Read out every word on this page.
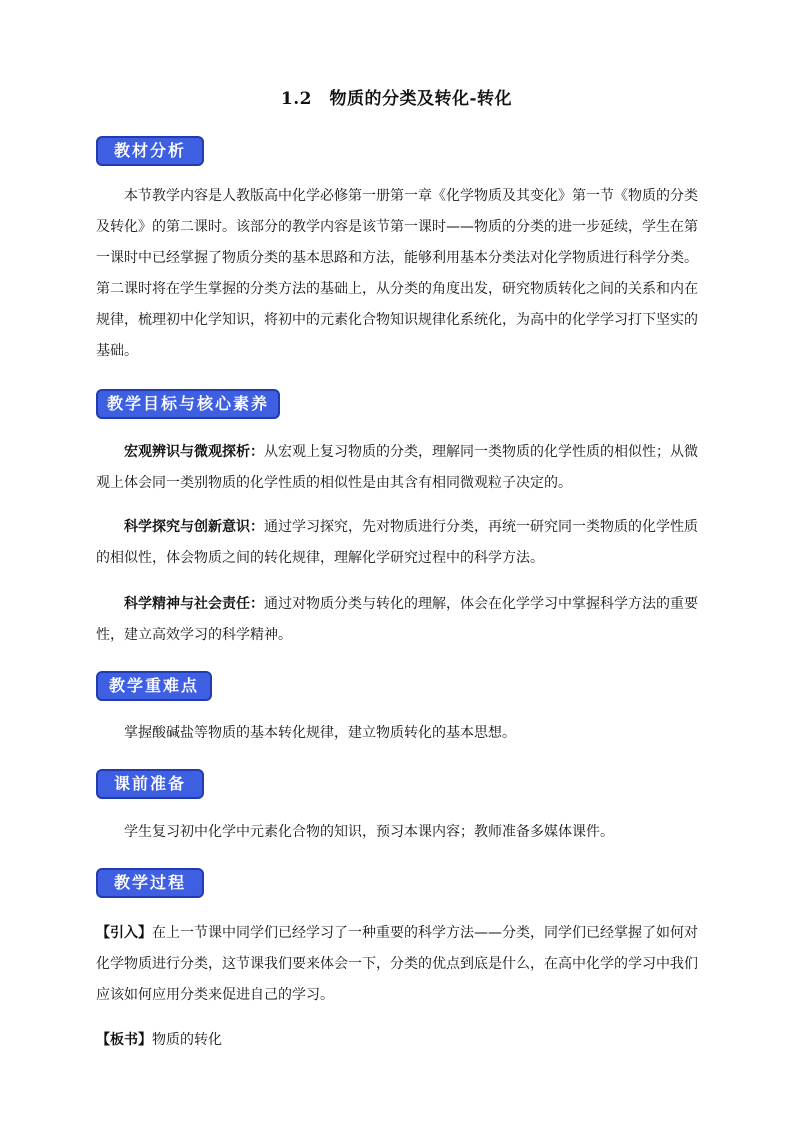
1.2　物质的分类及转化-转化
教材分析
本节教学内容是人教版高中化学必修第一册第一章《化学物质及其变化》第一节《物质的分类及转化》的第二课时。该部分的教学内容是该节第一课时——物质的分类的进一步延续，学生在第一课时中已经掌握了物质分类的基本思路和方法，能够利用基本分类法对化学物质进行科学分类。第二课时将在学生掌握的分类方法的基础上，从分类的角度出发，研究物质转化之间的关系和内在规律，梳理初中化学知识，将初中的元素化合物知识规律化系统化，为高中的化学学习打下坚实的基础。
教学目标与核心素养
宏观辨识与微观探析：从宏观上复习物质的分类，理解同一类物质的化学性质的相似性；从微观上体会同一类别物质的化学性质的相似性是由其含有相同微观粒子决定的。
科学探究与创新意识：通过学习探究，先对物质进行分类，再统一研究同一类物质的化学性质的相似性，体会物质之间的转化规律，理解化学研究过程中的科学方法。
科学精神与社会责任：通过对物质分类与转化的理解，体会在化学学习中掌握科学方法的重要性，建立高效学习的科学精神。
教学重难点
掌握酸碱盐等物质的基本转化规律，建立物质转化的基本思想。
课前准备
学生复习初中化学中元素化合物的知识，预习本课内容；教师准备多媒体课件。
教学过程
【引入】在上一节课中同学们已经学习了一种重要的科学方法——分类，同学们已经掌握了如何对化学物质进行分类，这节课我们要来体会一下，分类的优点到底是什么，在高中化学的学习中我们应该如何应用分类来促进自己的学习。
【板书】物质的转化
